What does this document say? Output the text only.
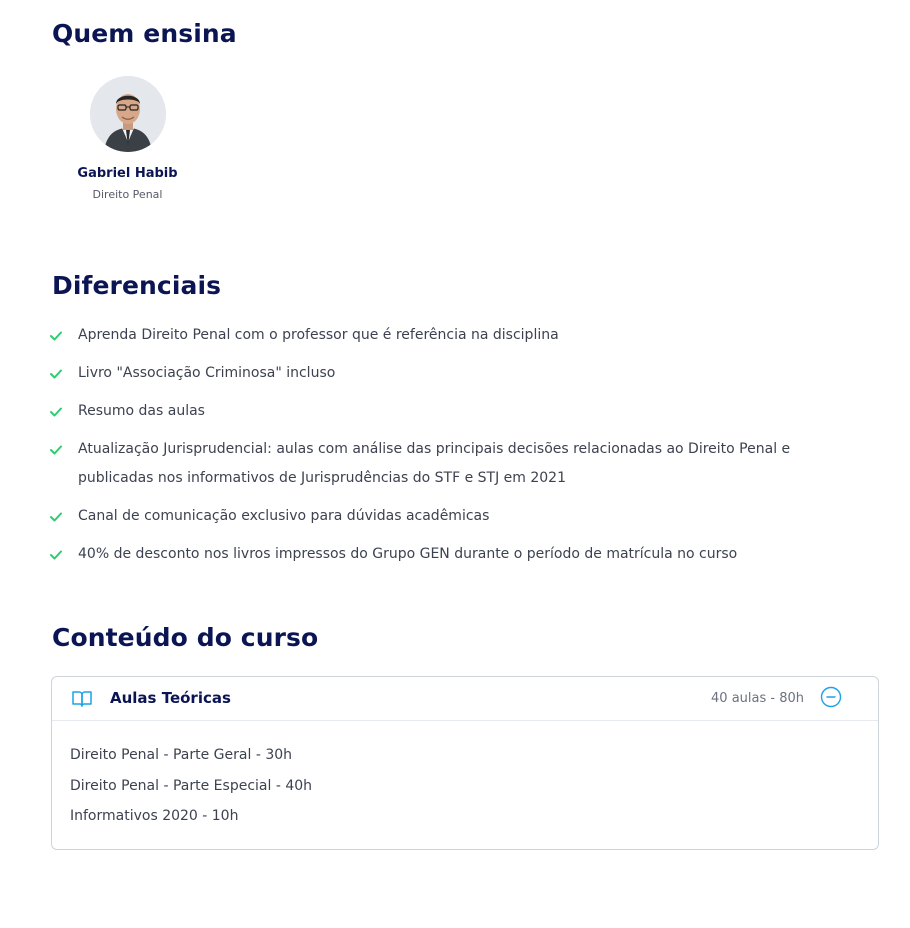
Quem ensina
Gabriel Habib
Direito Penal
Diferenciais
Aprenda Direito Penal com o professor que é referência na disciplina
Livro "Associação Criminosa" incluso
Resumo das aulas
Atualização Jurisprudencial: aulas com análise das principais decisões relacionadas ao Direito Penal e publicadas nos informativos de Jurisprudências do STF e STJ em 2021
Canal de comunicação exclusivo para dúvidas acadêmicas
40% de desconto nos livros impressos do Grupo GEN durante o período de matrícula no curso
Conteúdo do curso
Aulas Teóricas	40 aulas - 80h
Direito Penal - Parte Geral - 30h
Direito Penal - Parte Especial - 40h
Informativos 2020 - 10h
